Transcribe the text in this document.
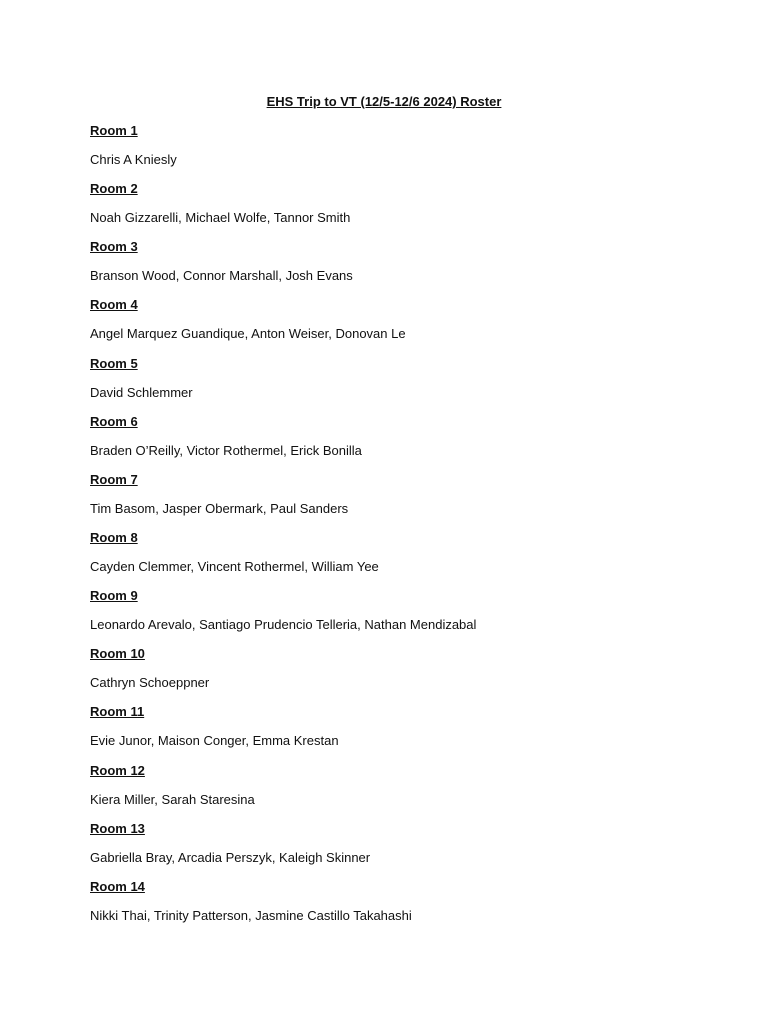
EHS Trip to VT (12/5-12/6 2024) Roster
Room 1
Chris A Kniesly
Room 2
Noah Gizzarelli, Michael Wolfe, Tannor Smith
Room 3
Branson Wood, Connor Marshall, Josh Evans
Room 4
Angel Marquez Guandique, Anton Weiser, Donovan Le
Room 5
David Schlemmer
Room 6
Braden O’Reilly, Victor Rothermel, Erick Bonilla
Room 7
Tim Basom, Jasper Obermark, Paul Sanders
Room 8
Cayden Clemmer, Vincent Rothermel, William Yee
Room 9
Leonardo Arevalo, Santiago Prudencio Telleria, Nathan Mendizabal
Room 10
Cathryn Schoeppner
Room 11
Evie Junor, Maison Conger, Emma Krestan
Room 12
Kiera Miller, Sarah Staresina
Room 13
Gabriella Bray, Arcadia Perszyk, Kaleigh Skinner
Room 14
Nikki Thai, Trinity Patterson, Jasmine Castillo Takahashi
